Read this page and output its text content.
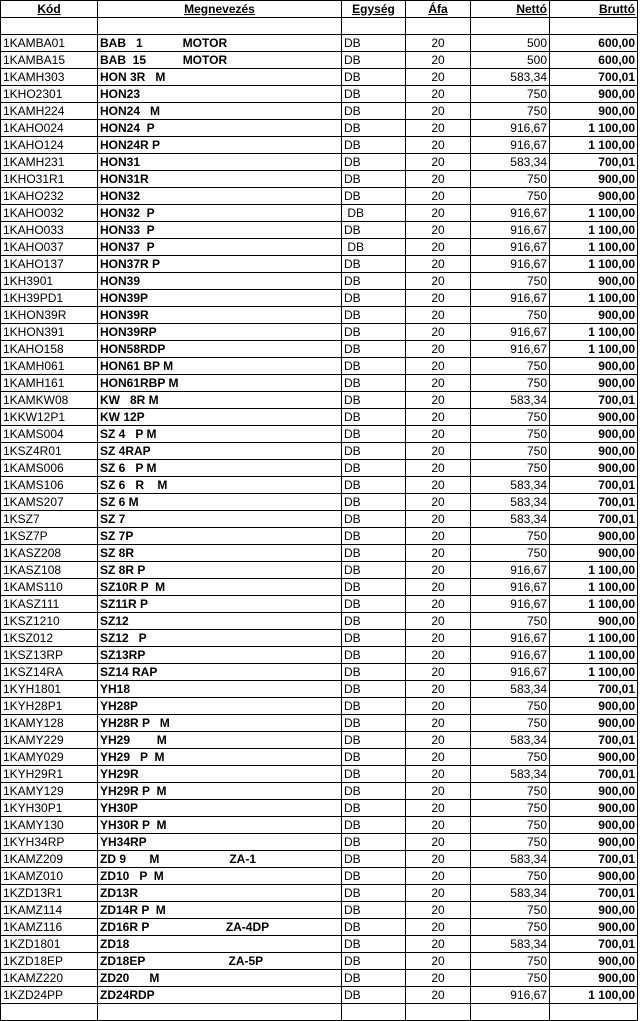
Kód	Megnevezés	Egység	Áfa	Nettó	Bruttó

1KAMBA01	BAB   1            MOTOR	DB	20	500	600,00
1KAMBA15	BAB  15           MOTOR	DB	20	500	600,00
1KAMH303	HON 3R   M	DB	20	583,34	700,01
1KHO2301	HON23	DB	20	750	900,00
1KAMH224	HON24   M	DB	20	750	900,00
1KAHO024	HON24  P	DB	20	916,67	1 100,00
1KAHO124	HON24R P	DB	20	916,67	1 100,00
1KAMH231	HON31	DB	20	583,34	700,01
1KHO31R1	HON31R	DB	20	750	900,00
1KAHO232	HON32	DB	20	750	900,00
1KAHO032	HON32  P	DB	20	916,67	1 100,00
1KAHO033	HON33  P	DB	20	916,67	1 100,00
1KAHO037	HON37  P	DB	20	916,67	1 100,00
1KAHO137	HON37R P	DB	20	916,67	1 100,00
1KH3901	HON39	DB	20	750	900,00
1KH39PD1	HON39P	DB	20	916,67	1 100,00
1KHON39R	HON39R	DB	20	750	900,00
1KHON391	HON39RP	DB	20	916,67	1 100,00
1KAHO158	HON58RDP	DB	20	916,67	1 100,00
1KAMH061	HON61 BP M	DB	20	750	900,00
1KAMH161	HON61RBP M	DB	20	750	900,00
1KAMKW08	KW   8R M	DB	20	583,34	700,01
1KKW12P1	KW 12P	DB	20	750	900,00
1KAMS004	SZ 4   P M	DB	20	750	900,00
1KSZ4R01	SZ 4RAP	DB	20	750	900,00
1KAMS006	SZ 6   P M	DB	20	750	900,00
1KAMS106	SZ 6   R    M	DB	20	583,34	700,01
1KAMS207	SZ 6 M	DB	20	583,34	700,01
1KSZ7	SZ 7	DB	20	583,34	700,01
1KSZ7P	SZ 7P	DB	20	750	900,00
1KASZ208	SZ 8R	DB	20	750	900,00
1KASZ108	SZ 8R P	DB	20	916,67	1 100,00
1KAMS110	SZ10R P  M	DB	20	916,67	1 100,00
1KASZ111	SZ11R P	DB	20	916,67	1 100,00
1KSZ1210	SZ12	DB	20	750	900,00
1KSZ012	SZ12   P	DB	20	916,67	1 100,00
1KSZ13RP	SZ13RP	DB	20	916,67	1 100,00
1KSZ14RA	SZ14 RAP	DB	20	916,67	1 100,00
1KYH1801	YH18	DB	20	583,34	700,01
1KYH28P1	YH28P	DB	20	750	900,00
1KAMY128	YH28R P   M	DB	20	750	900,00
1KAMY229	YH29        M	DB	20	583,34	700,01
1KAMY029	YH29   P  M	DB	20	750	900,00
1KYH29R1	YH29R	DB	20	583,34	700,01
1KAMY129	YH29R P  M	DB	20	750	900,00
1KYH30P1	YH30P	DB	20	750	900,00
1KAMY130	YH30R P  M	DB	20	750	900,00
1KYH34RP	YH34RP	DB	20	750	900,00
1KAMZ209	ZD 9       M                     ZA-1	DB	20	583,34	700,01
1KAMZ010	ZD10   P  M	DB	20	750	900,00
1KZD13R1	ZD13R	DB	20	583,34	700,01
1KAMZ114	ZD14R P  M	DB	20	750	900,00
1KAMZ116	ZD16R P                       ZA-4DP	DB	20	750	900,00
1KZD1801	ZD18	DB	20	583,34	700,01
1KZD18EP	ZD18EP                         ZA-5P	DB	20	750	900,00
1KAMZ220	ZD20      M	DB	20	750	900,00
1KZD24PP	ZD24RDP	DB	20	916,67	1 100,00
